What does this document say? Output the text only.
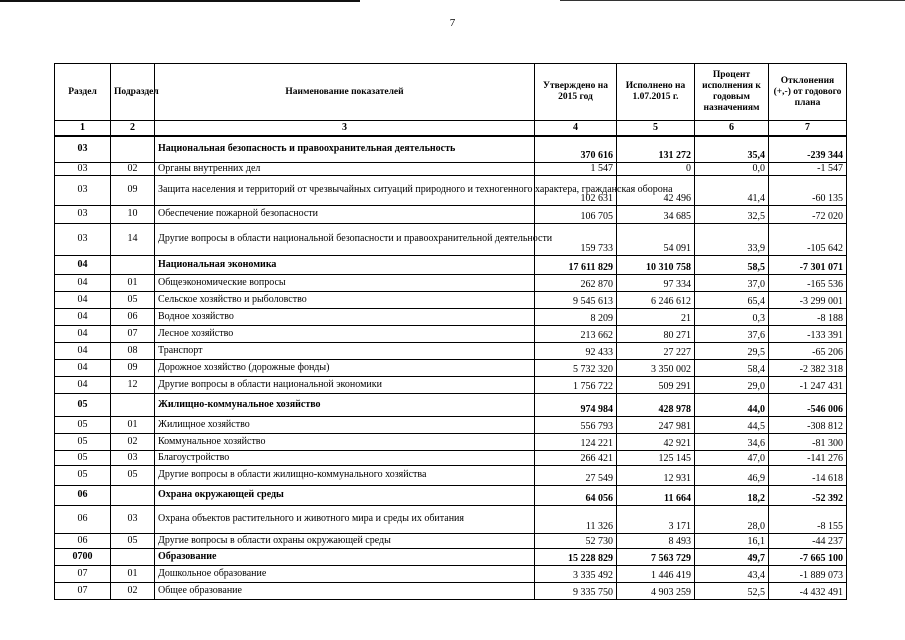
7
Раздел	Подраздел	Наименование показателей	Утверждено на 2015 год	Исполнено на 1.07.2015 г.	Процент исполнения к годовым назначениям	Отклонения (+,-) от годового плана
1	2	3	4	5	6	7
03		Национальная безопасность и правоохранительная деятельность	370 616	131 272	35,4	-239 344
03	02	Органы внутренних дел	1 547	0	0,0	-1 547
03	09	Защита населения и территорий от чрезвычайных ситуаций природного и техногенного характера, гражданская оборона	102 631	42 496	41,4	-60 135
03	10	Обеспечение пожарной безопасности	106 705	34 685	32,5	-72 020
03	14	Другие вопросы в области национальной безопасности и правоохранительной деятельности	159 733	54 091	33,9	-105 642
04		Национальная экономика	17 611 829	10 310 758	58,5	-7 301 071
04	01	Общеэкономические вопросы	262 870	97 334	37,0	-165 536
04	05	Сельское хозяйство и рыболовство	9 545 613	6 246 612	65,4	-3 299 001
04	06	Водное хозяйство	8 209	21	0,3	-8 188
04	07	Лесное хозяйство	213 662	80 271	37,6	-133 391
04	08	Транспорт	92 433	27 227	29,5	-65 206
04	09	Дорожное хозяйство (дорожные фонды)	5 732 320	3 350 002	58,4	-2 382 318
04	12	Другие вопросы в области национальной экономики	1 756 722	509 291	29,0	-1 247 431
05		Жилищно-коммунальное хозяйство	974 984	428 978	44,0	-546 006
05	01	Жилищное хозяйство	556 793	247 981	44,5	-308 812
05	02	Коммунальное хозяйство	124 221	42 921	34,6	-81 300
05	03	Благоустройство	266 421	125 145	47,0	-141 276
05	05	Другие вопросы в области жилищно-коммунального хозяйства	27 549	12 931	46,9	-14 618
06		Охрана окружающей среды	64 056	11 664	18,2	-52 392
06	03	Охрана объектов растительного и животного мира и среды их обитания	11 326	3 171	28,0	-8 155
06	05	Другие вопросы в области охраны окружающей среды	52 730	8 493	16,1	-44 237
0700		Образование	15 228 829	7 563 729	49,7	-7 665 100
07	01	Дошкольное образование	3 335 492	1 446 419	43,4	-1 889 073
07	02	Общее образование	9 335 750	4 903 259	52,5	-4 432 491
